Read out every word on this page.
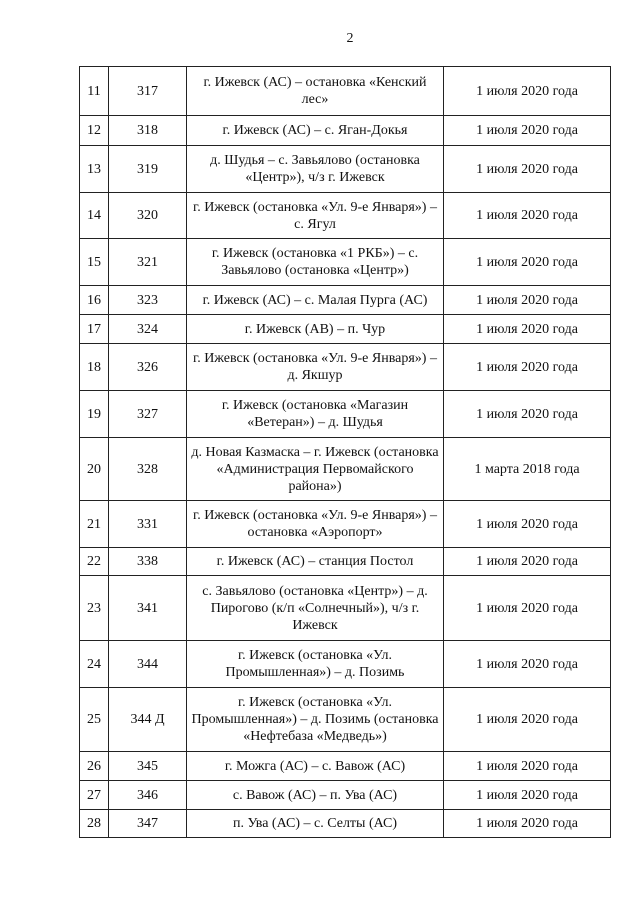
2
11	317	г. Ижевск (АС) – остановка «Кенский лес»	1 июля 2020 года
12	318	г. Ижевск (АС) – с. Яган-Докья	1 июля 2020 года
13	319	д. Шудья – с. Завьялово (остановка «Центр»), ч/з г. Ижевск	1 июля 2020 года
14	320	г. Ижевск (остановка «Ул. 9-е Января») – с. Ягул	1 июля 2020 года
15	321	г. Ижевск (остановка «1 РКБ») – с. Завьялово (остановка «Центр»)	1 июля 2020 года
16	323	г. Ижевск (АС) – с. Малая Пурга (АС)	1 июля 2020 года
17	324	г. Ижевск (АВ) – п. Чур	1 июля 2020 года
18	326	г. Ижевск (остановка «Ул. 9-е Января») – д. Якшур	1 июля 2020 года
19	327	г. Ижевск (остановка «Магазин «Ветеран») – д. Шудья	1 июля 2020 года
20	328	д. Новая Казмаска – г. Ижевск (остановка «Администрация Первомайского района»)	1 марта 2018 года
21	331	г. Ижевск (остановка «Ул. 9-е Января») – остановка «Аэропорт»	1 июля 2020 года
22	338	г. Ижевск (АС) – станция Постол	1 июля 2020 года
23	341	с. Завьялово (остановка «Центр») – д. Пирогово (к/п «Солнечный»), ч/з г. Ижевск	1 июля 2020 года
24	344	г. Ижевск (остановка «Ул. Промышленная») – д. Позимь	1 июля 2020 года
25	344 Д	г. Ижевск (остановка «Ул. Промышленная») – д. Позимь (остановка «Нефтебаза «Медведь»)	1 июля 2020 года
26	345	г. Можга (АС) – с. Вавож (АС)	1 июля 2020 года
27	346	с. Вавож (АС) – п. Ува (АС)	1 июля 2020 года
28	347	п. Ува (АС) – с. Селты (АС)	1 июля 2020 года
